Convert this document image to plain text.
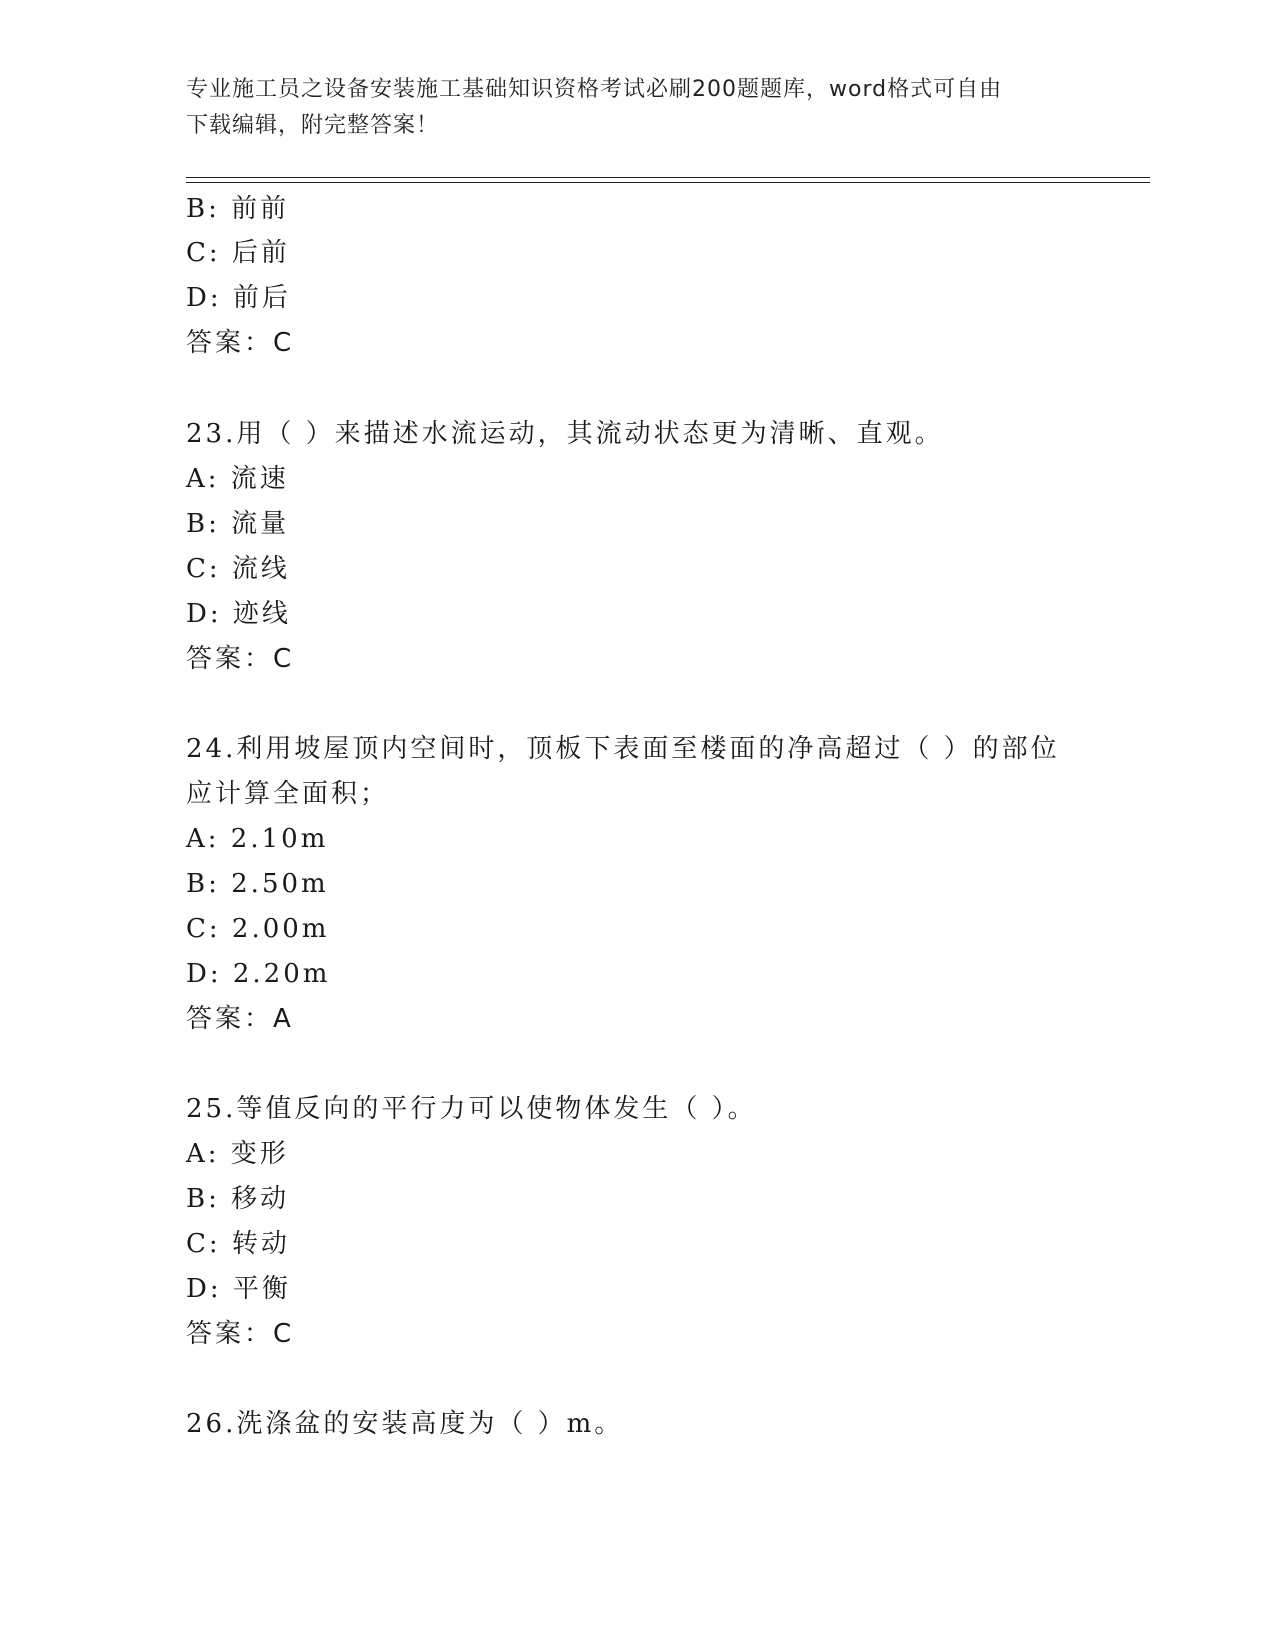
专业施工员之设备安装施工基础知识资格考试必刷200题题库，word格式可自由
下载编辑，附完整答案！
B: 前前
C: 后前
D: 前后
答案：C
23.用（ ）来描述水流运动，其流动状态更为清晰、直观。
A: 流速
B: 流量
C: 流线
D: 迹线
答案：C
24.利用坡屋顶内空间时，顶板下表面至楼面的净高超过（ ）的部位
应计算全面积；
A: 2.10m
B: 2.50m
C: 2.00m
D: 2.20m
答案：A
25.等值反向的平行力可以使物体发生（ ）。
A: 变形
B: 移动
C: 转动
D: 平衡
答案：C
26.洗涤盆的安装高度为（ ）m。
